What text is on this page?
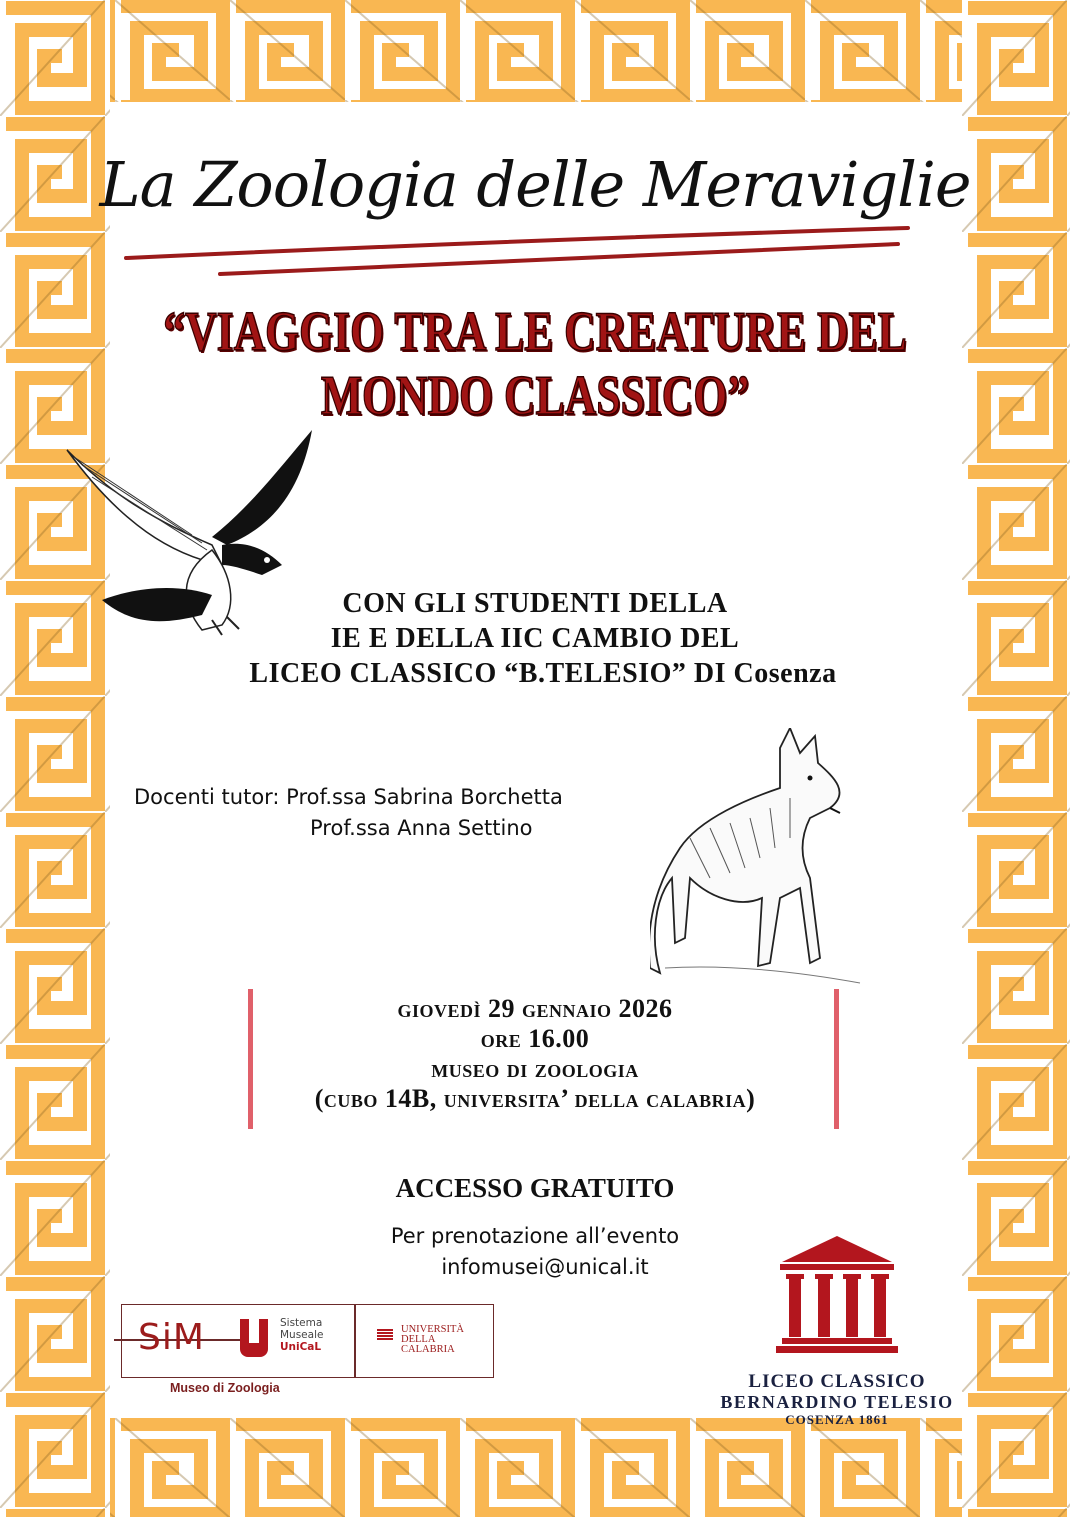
La Zoologia delle Meraviglie
“VIAGGIO TRA LE CREATURE DEL
MONDO CLASSICO”
CON GLI STUDENTI DELLA
IE E DELLA IIC CAMBIO DEL
LICEO CLASSICO “B.TELESIO” DI Cosenza
Docenti tutor: Prof.ssa Sabrina Borchetta
Prof.ssa Anna Settino
giovedì 29 gennaio 2026
ore 16.00
museo di zoologia
(cubo 14B, universita’ della calabria)
ACCESSO GRATUITO
Per prenotazione all’evento
infomusei@unical.it
SiM	Sistema
Museale
UniCaL
UNIVERSITÀ
DELLA
CALABRIA
Museo di Zoologia	LICEO CLASSICO
BERNARDINO TELESIO
COSENZA 1861
